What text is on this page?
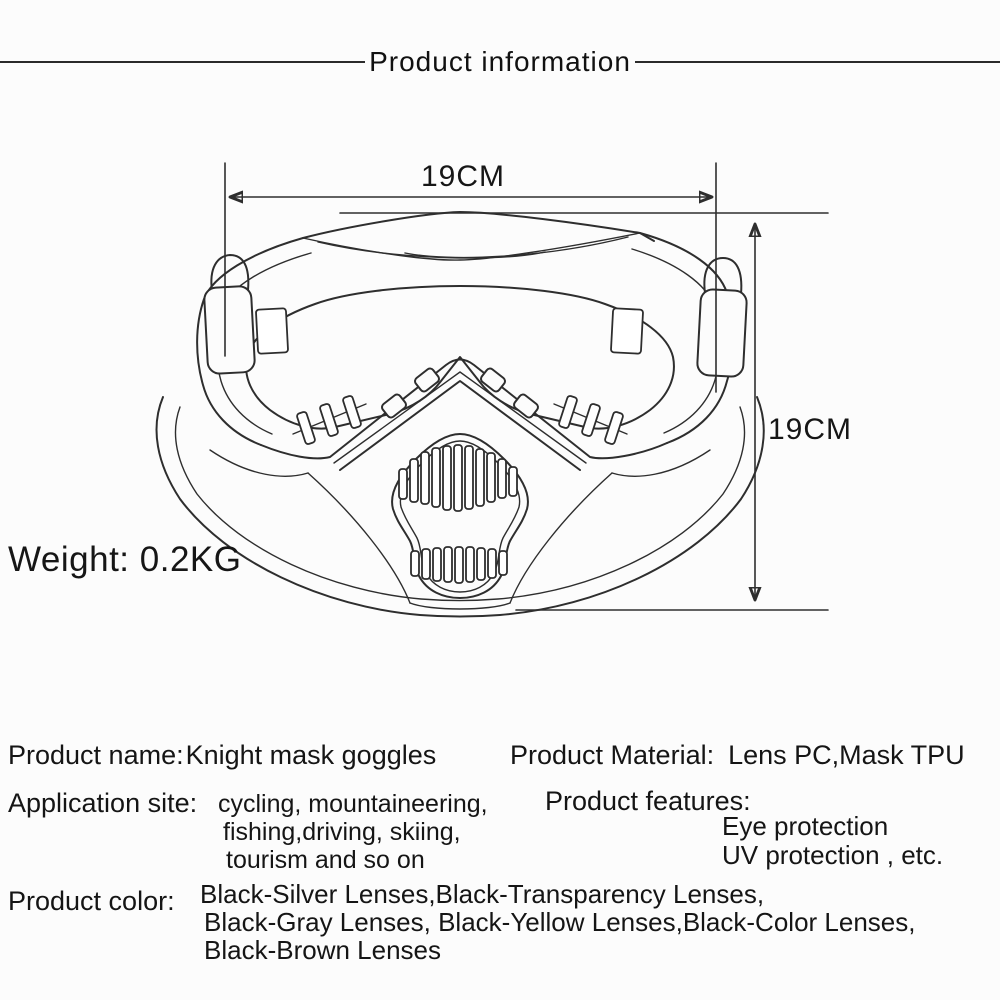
Product information
19CM
19CM
Weight: 0.2KG
Product name: Knight mask goggles	Product Material: Lens PC,Mask TPU
Application site: cycling, mountaineering,
fishing,driving, skiing,
tourism and so on
Product features:
Eye protection
UV protection , etc.
Product color: Black-Silver Lenses,Black-Transparency Lenses,
Black-Gray Lenses, Black-Yellow Lenses,Black-Color Lenses,
Black-Brown Lenses
